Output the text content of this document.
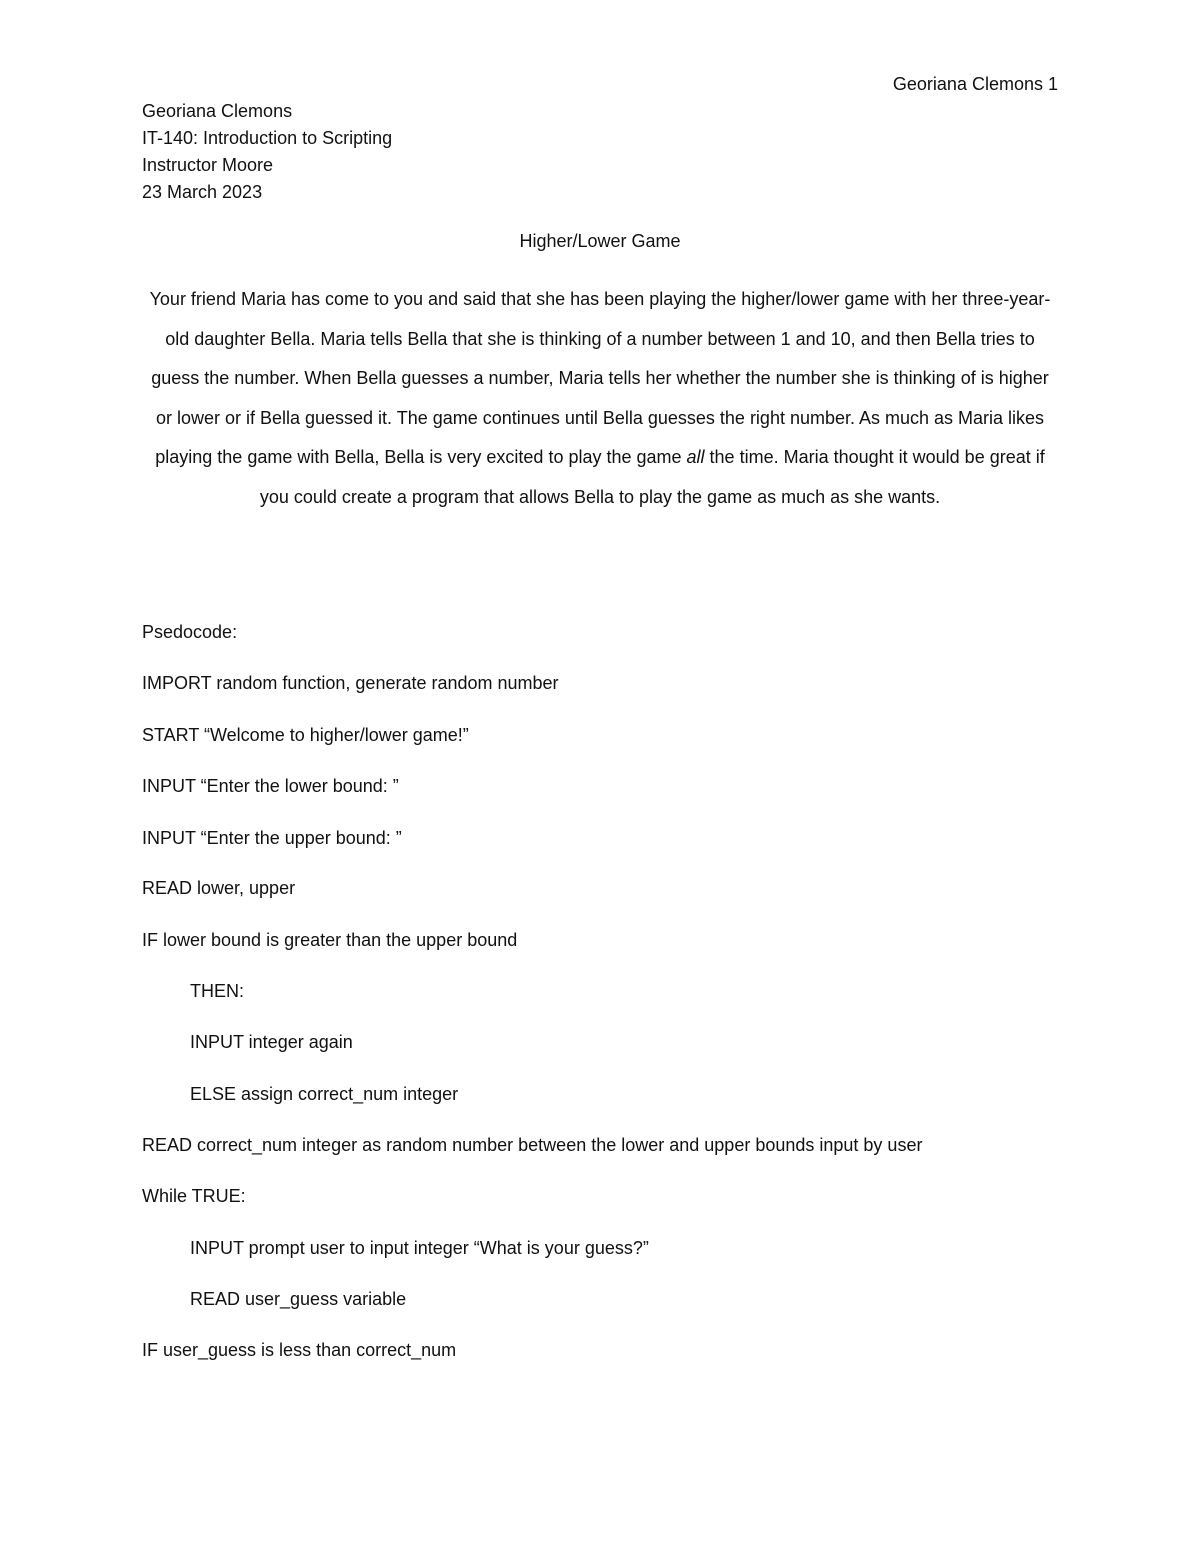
Georiana Clemons 1
Georiana Clemons
IT-140: Introduction to Scripting
Instructor Moore
23 March 2023
Higher/Lower Game
Your friend Maria has come to you and said that she has been playing the higher/lower game with her three-year-old daughter Bella. Maria tells Bella that she is thinking of a number between 1 and 10, and then Bella tries to guess the number. When Bella guesses a number, Maria tells her whether the number she is thinking of is higher or lower or if Bella guessed it. The game continues until Bella guesses the right number. As much as Maria likes playing the game with Bella, Bella is very excited to play the game all the time. Maria thought it would be great if you could create a program that allows Bella to play the game as much as she wants.
Psedocode:
IMPORT random function, generate random number
START “Welcome to higher/lower game!”
INPUT “Enter the lower bound: ”
INPUT “Enter the upper bound: ”
READ lower, upper
IF lower bound is greater than the upper bound
THEN:
INPUT integer again
ELSE assign correct_num integer
READ correct_num integer as random number between the lower and upper bounds input by user
While TRUE:
INPUT prompt user to input integer “What is your guess?”
READ user_guess variable
IF user_guess is less than correct_num
